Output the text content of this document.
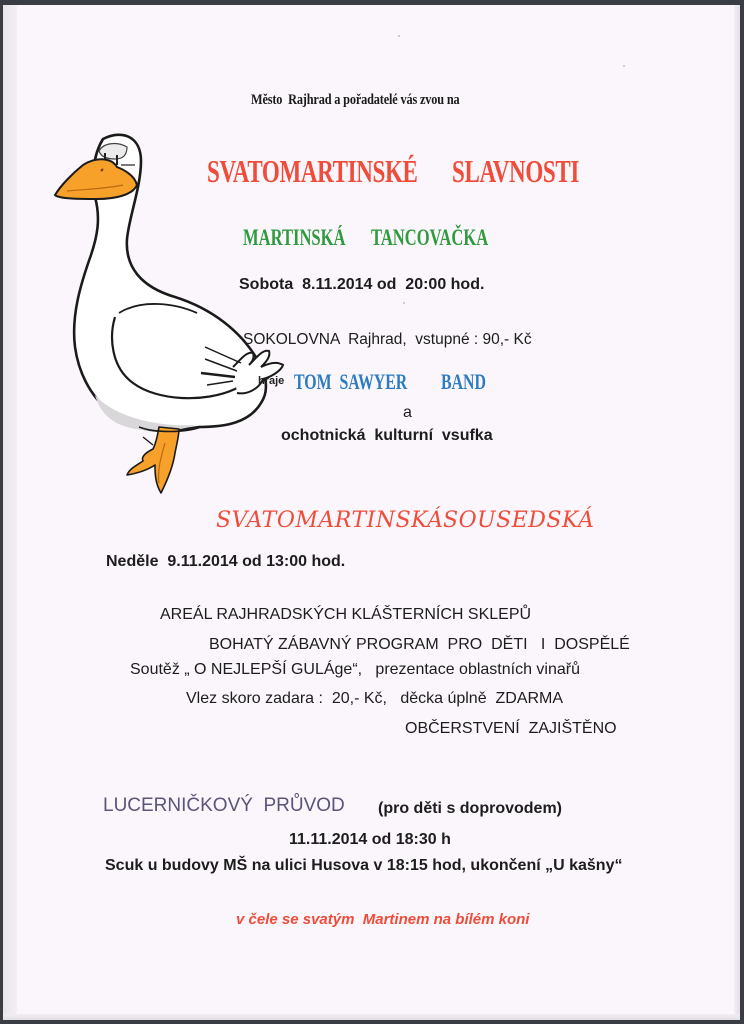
Město  Rajhrad a pořadatelé vás zvou na
SVATOMARTINSKÉ SLAVNOSTI
MARTINSKÁ TANCOVAČKA
Sobota  8.11.2014 od  20:00 hod.
SOKOLOVNA  Rajhrad,  vstupné : 90,- Kč
hraje TOM  SAWYER BAND
a
ochotnická  kulturní  vsufka
SVATOMARTINSKÁ SOUSEDSKÁ
Neděle  9.11.2014 od 13:00 hod.
AREÁL RAJHRADSKÝCH KLÁŠTERNÍCH SKLEPŮ
BOHATÝ ZÁBAVNÝ PROGRAM  PRO  DĚTI   I  DOSPĚLÉ
Soutěž „ O NEJLEPŠÍ GULÁge“,   prezentace oblastních vinařů
Vlez skoro zadara :  20,- Kč,   děcka úplně  ZDARMA
OBČERSTVENÍ  ZAJIŠTĚNO
LUCERNIČKOVÝ  PRŮVOD (pro děti s doprovodem)
11.11.2014 od 18:30 h
Scuk u budovy MŠ na ulici Husova v 18:15 hod, ukončení „U kašny“
v čele se svatým  Martinem na bílém koni
